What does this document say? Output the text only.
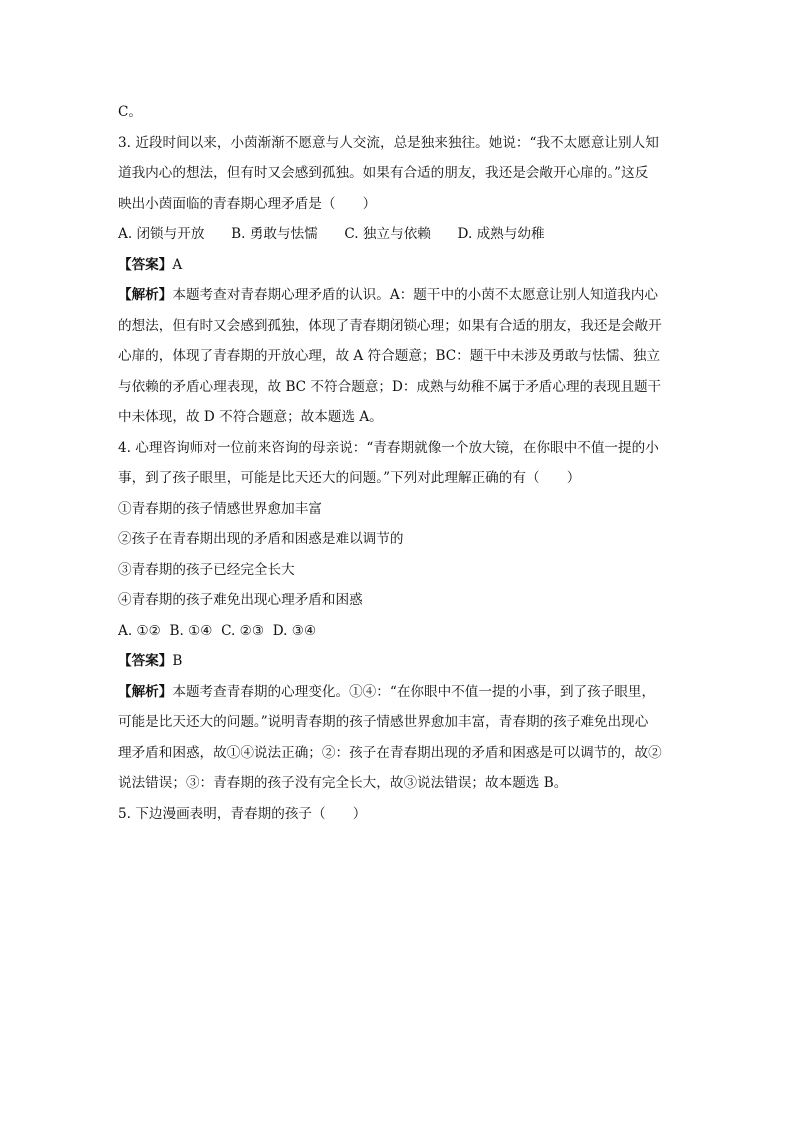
C。

3. 近段时间以来，小茵渐渐不愿意与人交流，总是独来独往。她说：“我不太愿意让别人知

道我内心的想法，但有时又会感到孤独。如果有合适的朋友，我还是会敞开心扉的。”这反

映出小茵面临的青春期心理矛盾是（　　）

A. 闭锁与开放 B. 勇敢与怯懦 C. 独立与依赖 D. 成熟与幼稚

【答案】A

【解析】本题考查对青春期心理矛盾的认识。A：题干中的小茵不太愿意让别人知道我内心

的想法，但有时又会感到孤独，体现了青春期闭锁心理；如果有合适的朋友，我还是会敞开

心扉的，体现了青春期的开放心理，故 A 符合题意；BC：题干中未涉及勇敢与怯懦、独立

与依赖的矛盾心理表现，故 BC 不符合题意；D：成熟与幼稚不属于矛盾心理的表现且题干

中未体现，故 D 不符合题意；故本题选 A。

4. 心理咨询师对一位前来咨询的母亲说：“青春期就像一个放大镜，在你眼中不值一提的小

事，到了孩子眼里，可能是比天还大的问题。”下列对此理解正确的有（　　）

①青春期的孩子情感世界愈加丰富

②孩子在青春期出现的矛盾和困惑是难以调节的

③青春期的孩子已经完全长大

④青春期的孩子难免出现心理矛盾和困惑

A. ①②  B. ①④  C. ②③  D. ③④

【答案】B

【解析】本题考查青春期的心理变化。①④：“在你眼中不值一提的小事，到了孩子眼里，

可能是比天还大的问题。”说明青春期的孩子情感世界愈加丰富，青春期的孩子难免出现心

理矛盾和困惑，故①④说法正确；②：孩子在青春期出现的矛盾和困惑是可以调节的，故②

说法错误；③：青春期的孩子没有完全长大，故③说法错误；故本题选 B。

5. 下边漫画表明，青春期的孩子（　　）
